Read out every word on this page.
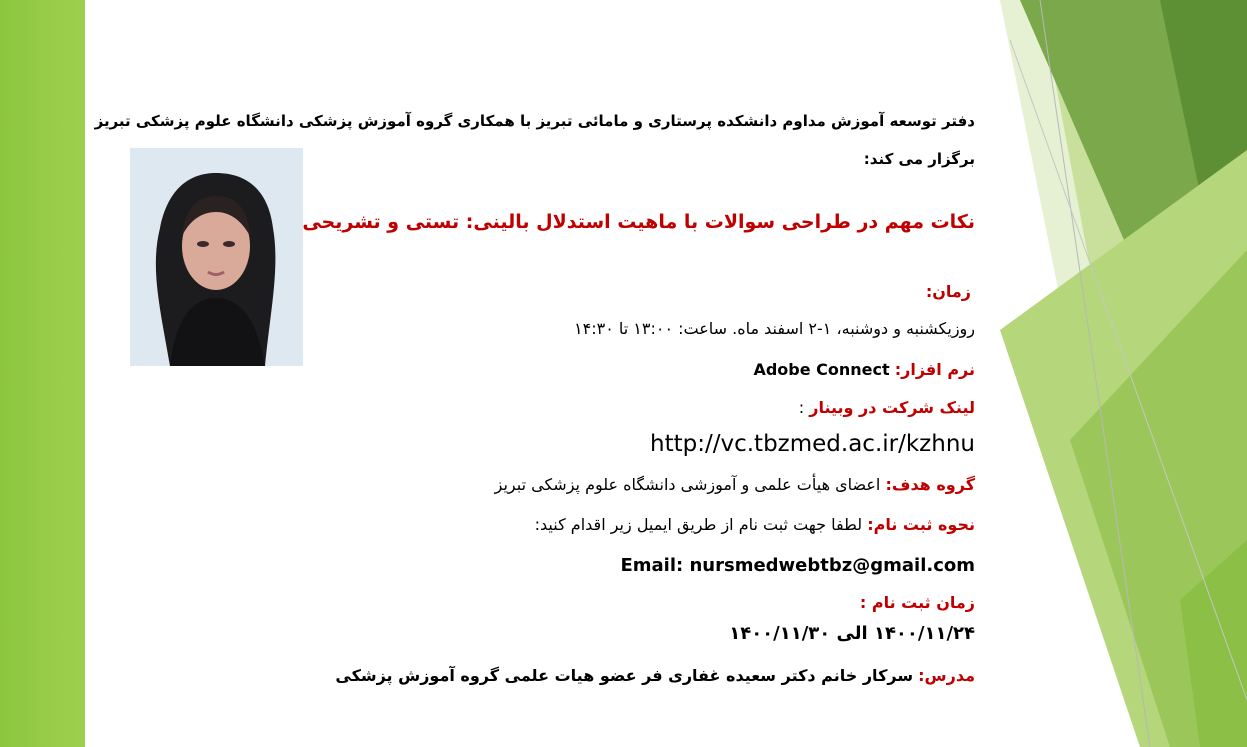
دفتر توسعه آموزش مداوم دانشکده پرستاری و مامائی تبریز با همکاری گروه آموزش پزشکی دانشگاه علوم پزشکی تبریز
برگزار می کند:
نکات مهم در طراحی سوالات با ماهیت استدلال بالینی: تستی و تشریحی
زمان:
روزیکشنبه و دوشنبه، ۱-۲ اسفند ماه. ساعت: ۱۳:۰۰ تا ۱۴:۳۰
نرم افزار: Adobe Connect
لینک شرکت در وبینار :
http://vc.tbzmed.ac.ir/kzhnu
گروه هدف: اعضای هیأت علمی و آموزشی دانشگاه علوم پزشکی تبریز
نحوه ثبت نام: لطفا جهت ثبت نام از طریق ایمیل زیر اقدام کنید:
Email: nursmedwebtbz@gmail.com
زمان ثبت نام :
۱۴۰۰/۱۱/۲۴ الی ۱۴۰۰/۱۱/۳۰
مدرس: سرکار خانم دکتر سعیده غفاری فر عضو هیات علمی گروه آموزش پزشکی
